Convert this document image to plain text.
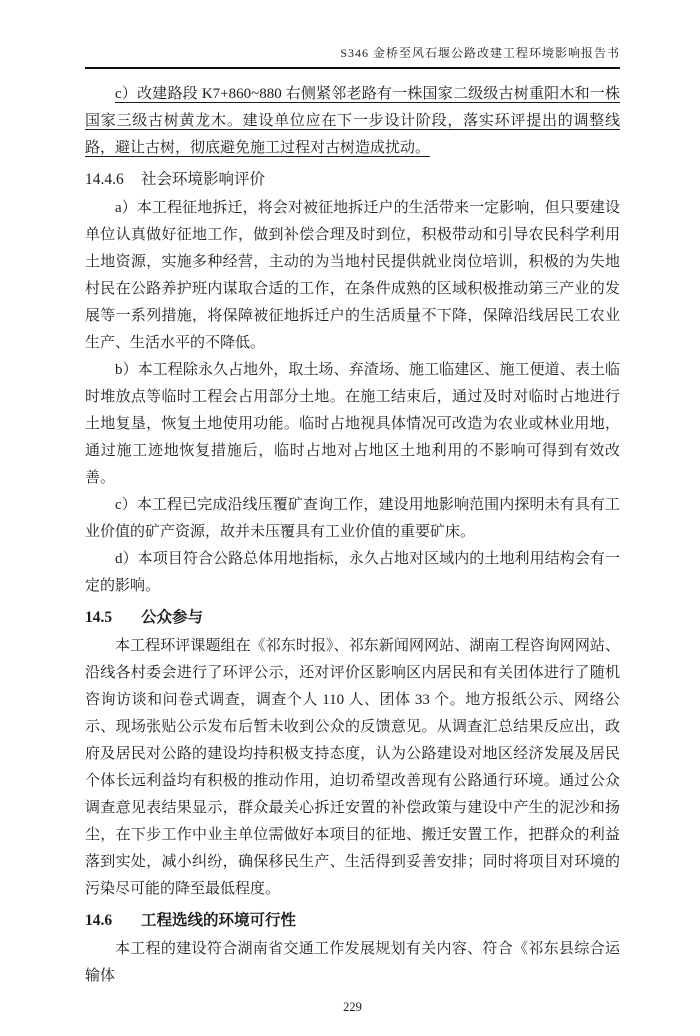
S346 金桥至风石堰公路改建工程环境影响报告书

c）改建路段 K7+860~880 右侧紧邻老路有一株国家二级级古树重阳木和一株国家三级古树黄龙木。建设单位应在下一步设计阶段，落实环评提出的调整线路，避让古树，彻底避免施工过程对古树造成扰动。

14.4.6 社会环境影响评价

a）本工程征地拆迁，将会对被征地拆迁户的生活带来一定影响，但只要建设单位认真做好征地工作，做到补偿合理及时到位，积极带动和引导农民科学利用土地资源，实施多种经营，主动的为当地村民提供就业岗位培训，积极的为失地村民在公路养护班内谋取合适的工作，在条件成熟的区域积极推动第三产业的发展等一系列措施，将保障被征地拆迁户的生活质量不下降，保障沿线居民工农业生产、生活水平的不降低。

b）本工程除永久占地外，取土场、弃渣场、施工临建区、施工便道、表土临时堆放点等临时工程会占用部分土地。在施工结束后，通过及时对临时占地进行土地复垦，恢复土地使用功能。临时占地视具体情况可改造为农业或林业用地，通过施工迹地恢复措施后，临时占地对占地区土地利用的不影响可得到有效改善。

c）本工程已完成沿线压覆矿查询工作，建设用地影响范围内探明未有具有工业价值的矿产资源，故并未压覆具有工业价值的重要矿床。

d）本项目符合公路总体用地指标，永久占地对区域内的土地利用结构会有一定的影响。

14.5 公众参与

本工程环评课题组在《祁东时报》、祁东新闻网网站、湖南工程咨询网网站、沿线各村委会进行了环评公示，还对评价区影响区内居民和有关团体进行了随机咨询访谈和问卷式调查，调查个人 110 人、团体 33 个。地方报纸公示、网络公示、现场张贴公示发布后暂未收到公众的反馈意见。从调查汇总结果反应出，政府及居民对公路的建设均持积极支持态度，认为公路建设对地区经济发展及居民个体长远利益均有积极的推动作用，迫切希望改善现有公路通行环境。通过公众调查意见表结果显示，群众最关心拆迁安置的补偿政策与建设中产生的泥沙和扬尘，在下步工作中业主单位需做好本项目的征地、搬迁安置工作，把群众的利益落到实处，减小纠纷，确保移民生产、生活得到妥善安排；同时将项目对环境的污染尽可能的降至最低程度。

14.6 工程选线的环境可行性

本工程的建设符合湖南省交通工作发展规划有关内容、符合《祁东县综合运输体

229
